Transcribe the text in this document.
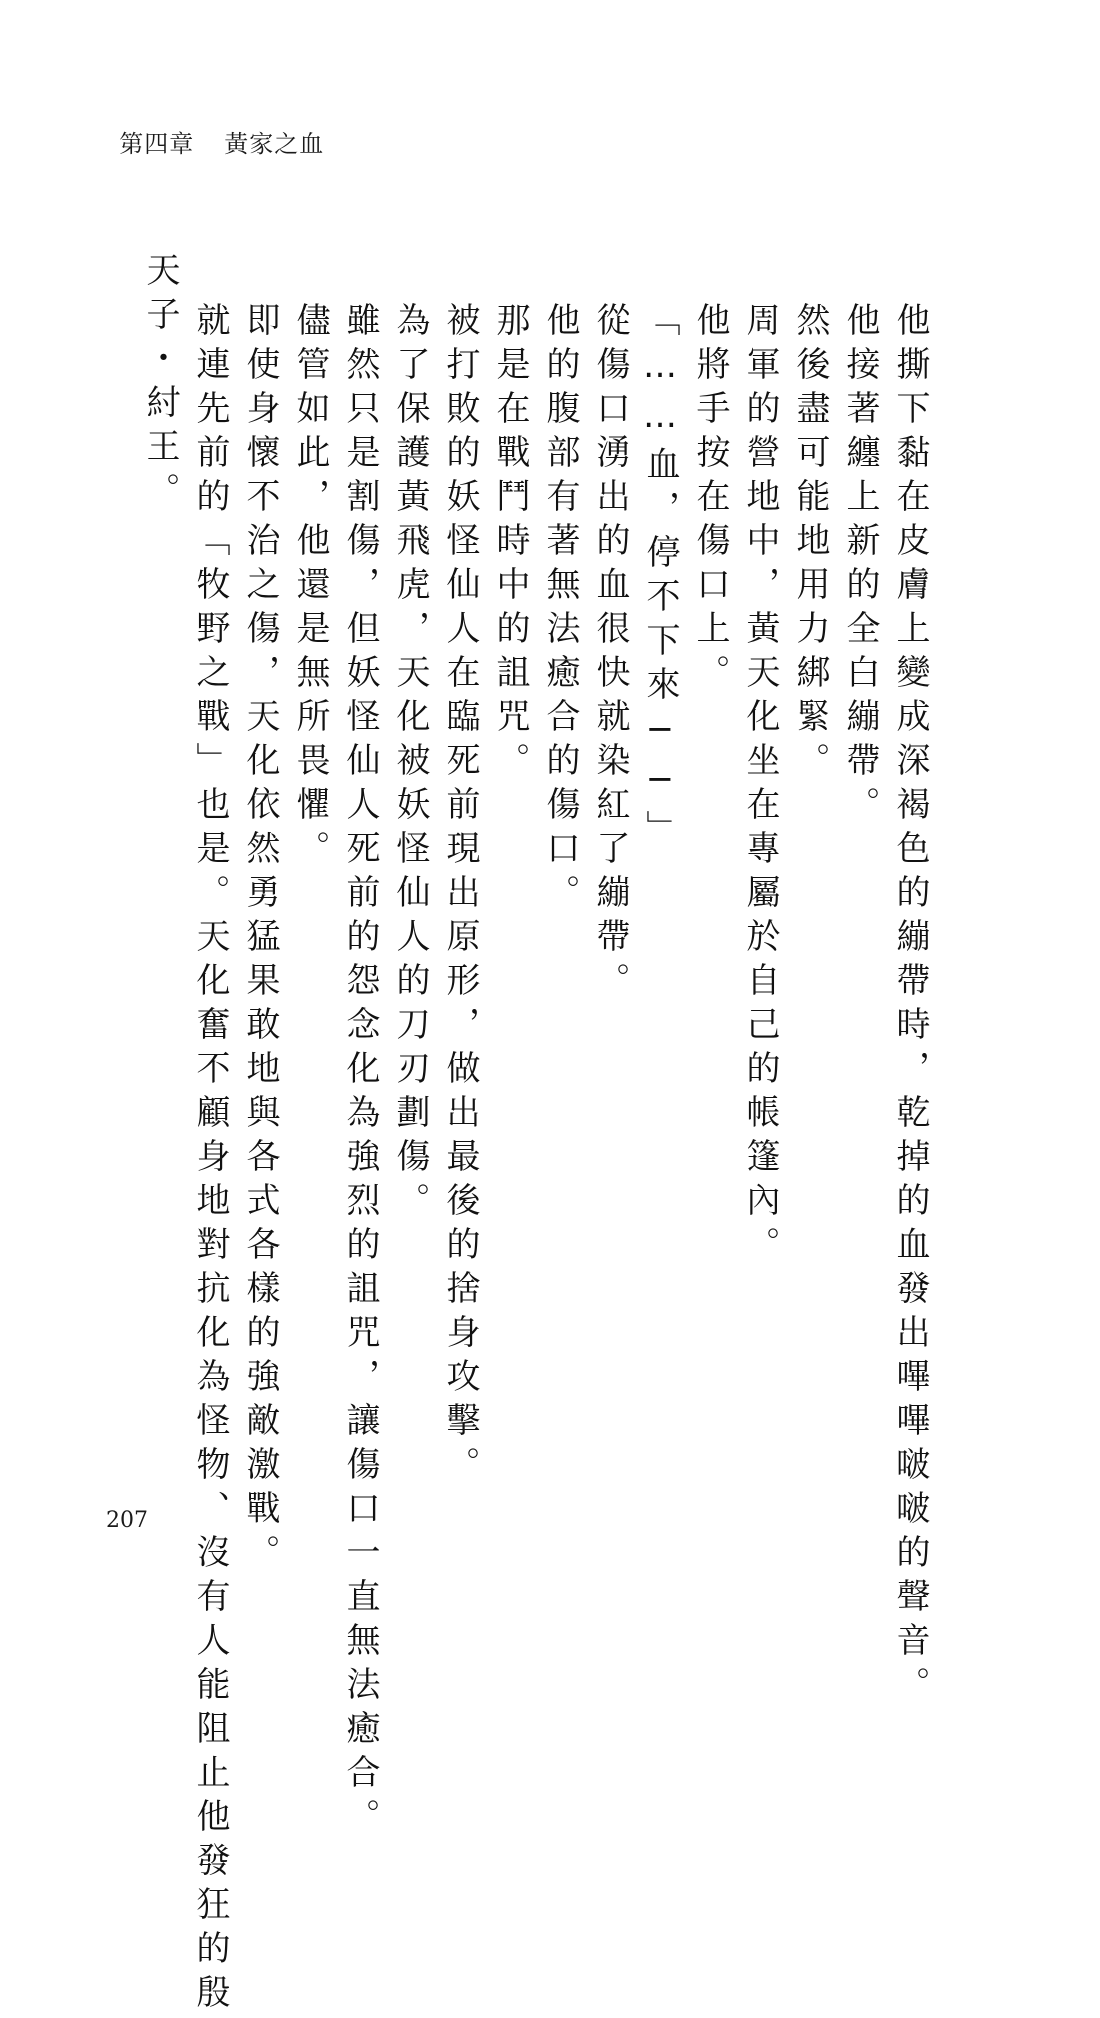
第四章 黃家之血

他撕下黏在皮膚上變成深褐色的繃帶時，乾掉的血發出嗶嗶啵啵的聲音。
他接著纏上新的全白繃帶。
然後盡可能地用力綁緊。
周軍的營地中，黃天化坐在專屬於自己的帳篷內。
他將手按在傷口上。
「……血，停不下來──」
從傷口湧出的血很快就染紅了繃帶。
他的腹部有著無法癒合的傷口。
那是在戰鬥時中的詛咒。
被打敗的妖怪仙人在臨死前現出原形，做出最後的捨身攻擊。
為了保護黃飛虎，天化被妖怪仙人的刀刃劃傷。
雖然只是割傷，但妖怪仙人死前的怨念化為強烈的詛咒，讓傷口一直無法癒合。
儘管如此，他還是無所畏懼。
即使身懷不治之傷，天化依然勇猛果敢地與各式各樣的強敵激戰。
就連先前的「牧野之戰」也是。天化奮不顧身地對抗化為怪物、沒有人能阻止他發狂的殷
天子・紂王。
207
